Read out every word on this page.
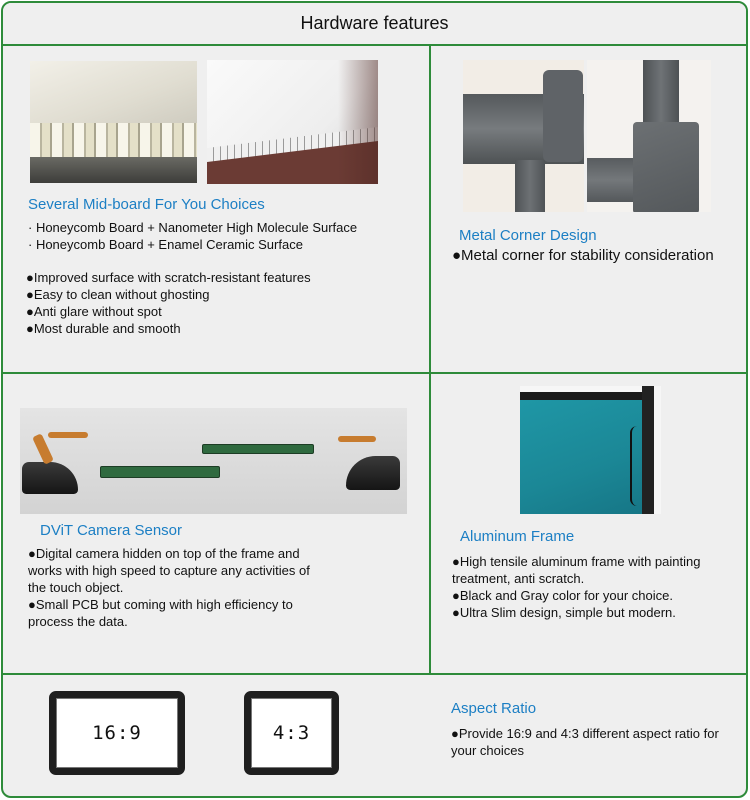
Hardware features
Several Mid-board For You Choices
· Honeycomb Board + Nanometer High Molecule Surface
· Honeycomb Board + Enamel Ceramic Surface
●Improved surface with scratch-resistant features
●Easy to clean without ghosting
●Anti glare without spot
●Most durable and smooth
Metal Corner Design
●Metal corner for stability consideration
DViT Camera Sensor
●Digital camera hidden on top of the frame and works with high speed to capture any activities of the touch object.
●Small PCB but coming with high efficiency to process the data.
Aluminum Frame
●High tensile aluminum frame with painting treatment, anti scratch.
●Black and Gray color for your choice.
●Ultra Slim design, simple but modern.
16:9	4:3
Aspect Ratio
●Provide 16:9 and 4:3 different aspect ratio for your choices
